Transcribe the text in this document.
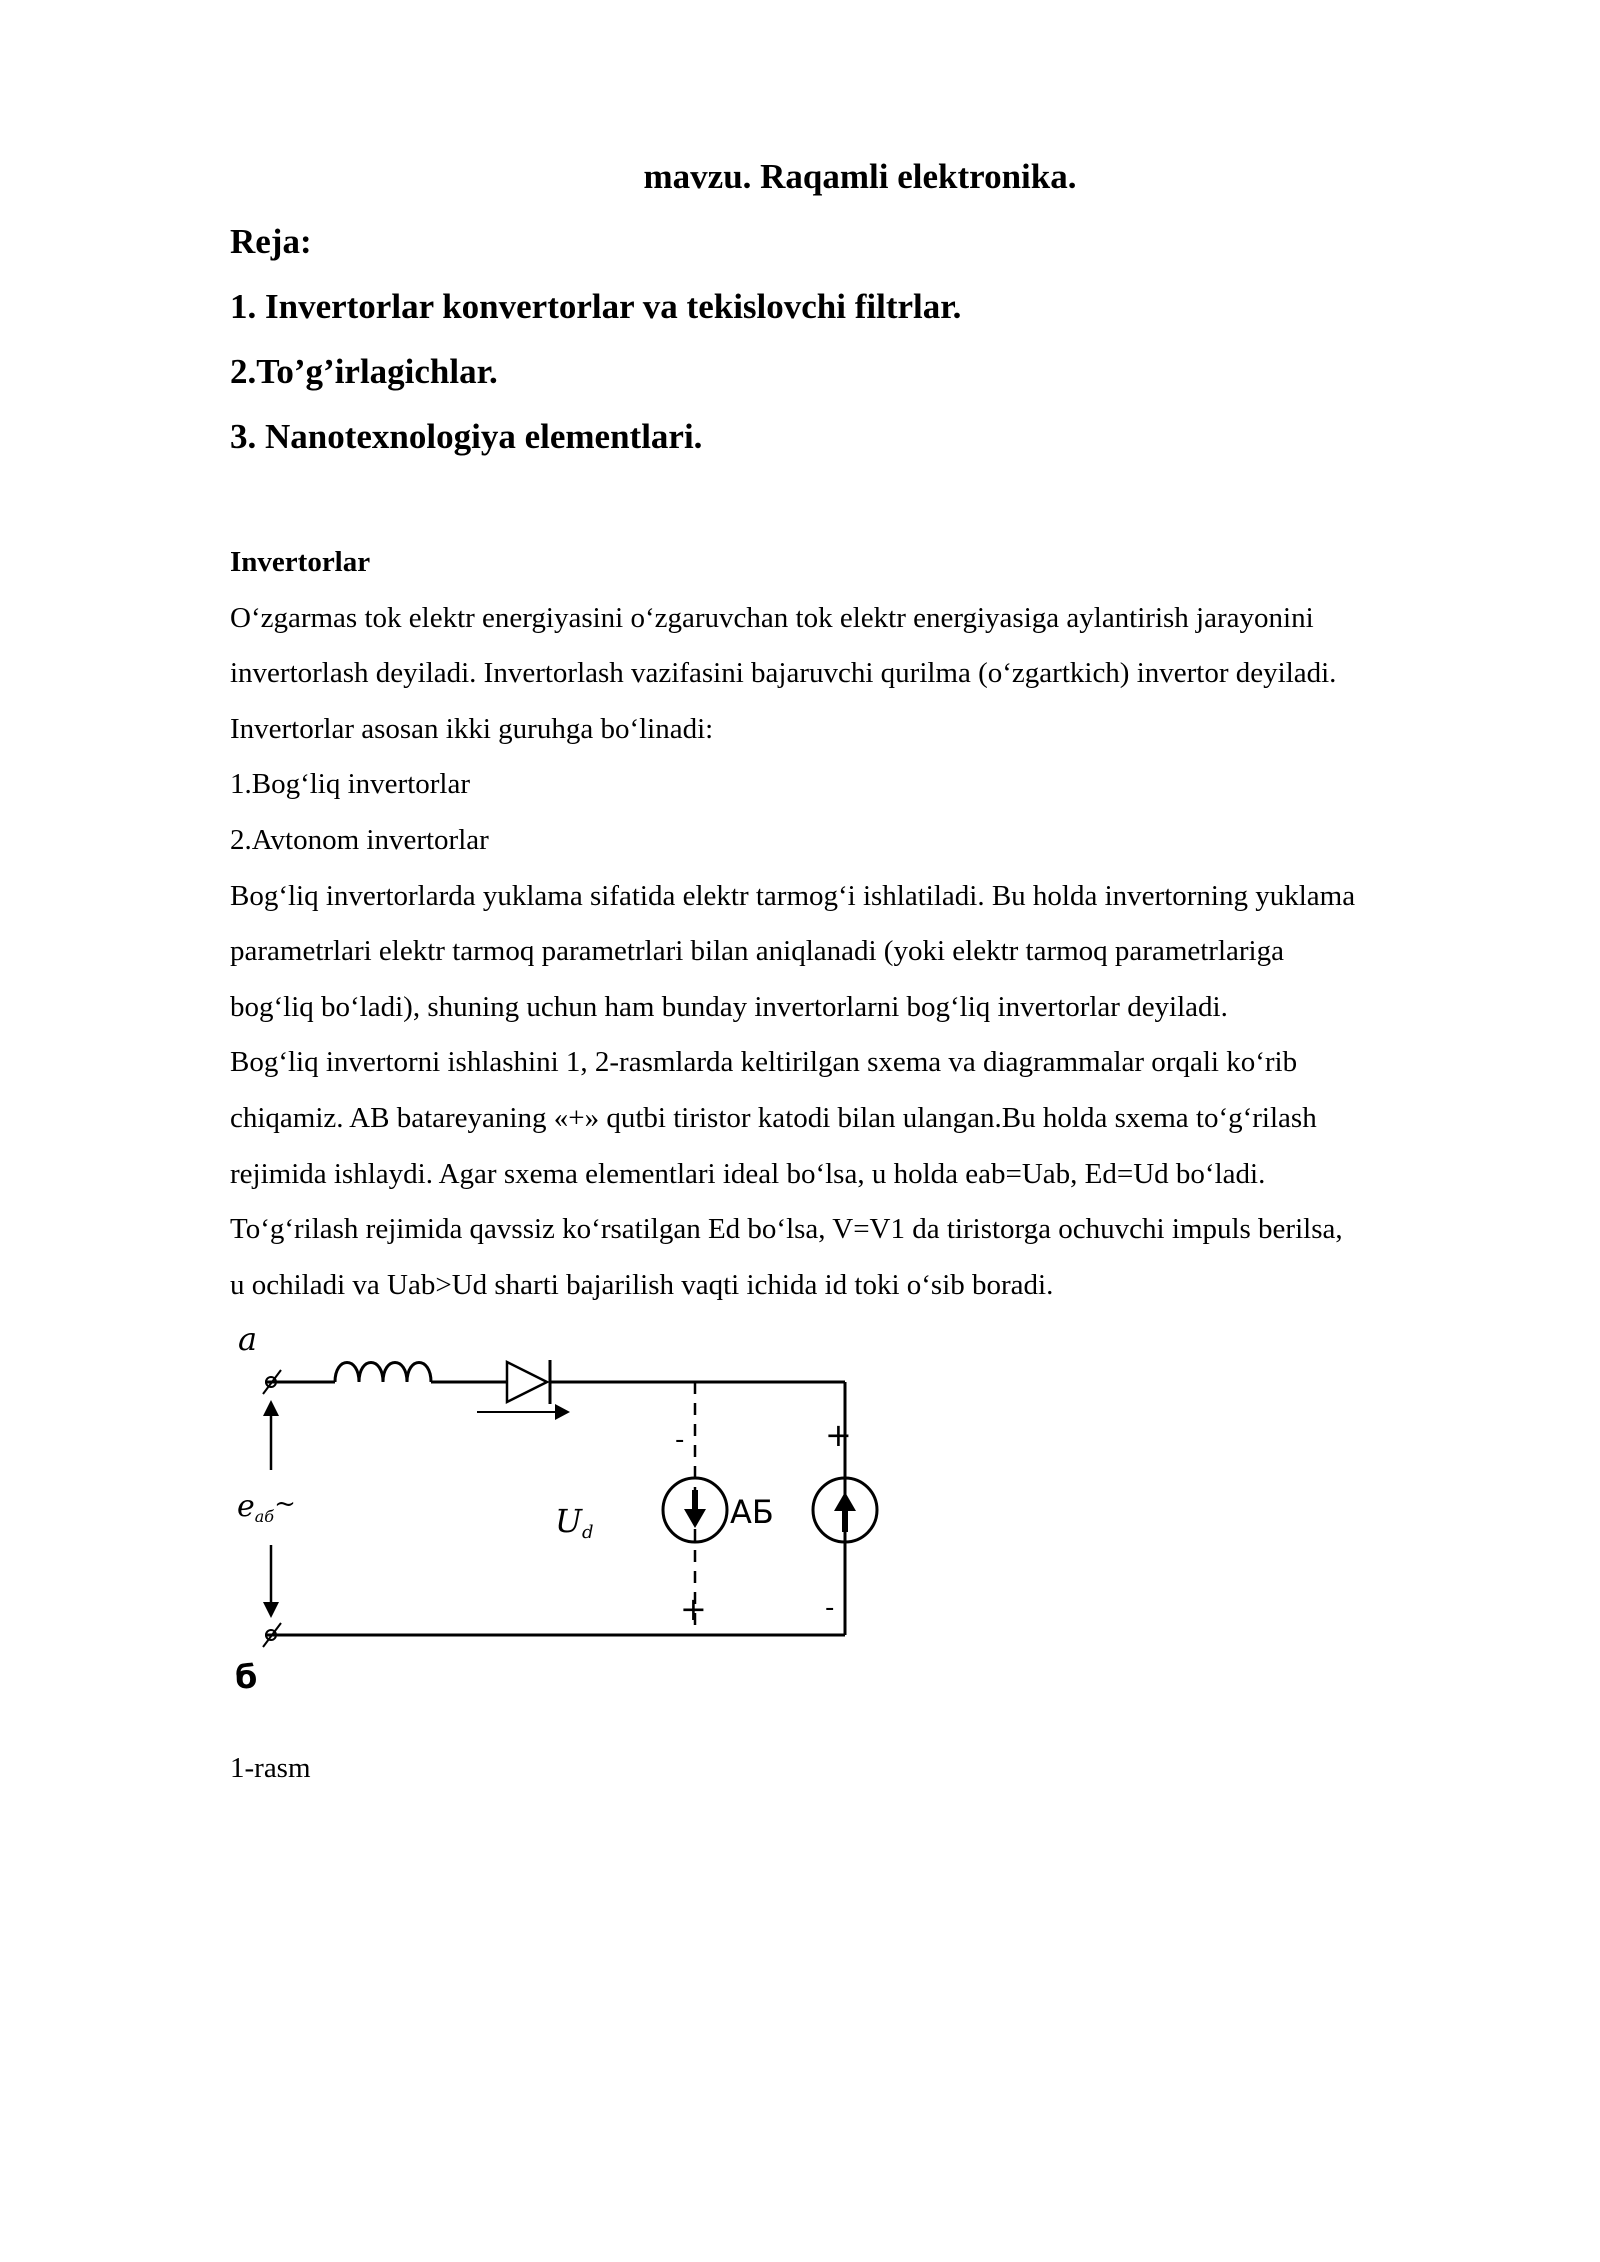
mavzu. Raqamli elektronika.
Reja:
1. Invertorlar konvertorlar va tekislovchi filtrlar.
2.To’g’irlagichlar.
3. Nanotexnologiya elementlari.
Invertorlar
O‘zgarmas tok elektr energiyasini o‘zgaruvchan tok elektr energiyasiga aylantirish jarayonini
invertorlash deyiladi. Invertorlash vazifasini bajaruvchi qurilma (o‘zgartkich) invertor deyiladi.
Invertorlar asosan ikki guruhga bo‘linadi:
1.Bog‘liq invertorlar
2.Avtonom invertorlar
Bog‘liq invertorlarda yuklama sifatida elektr tarmog‘i ishlatiladi. Bu holda invertorning yuklama
parametrlari elektr tarmoq parametrlari bilan aniqlanadi (yoki elektr tarmoq parametrlariga
bog‘liq bo‘ladi), shuning uchun ham bunday invertorlarni bog‘liq invertorlar deyiladi.
Bog‘liq invertorni ishlashini 1, 2-rasmlarda keltirilgan sxema va diagrammalar orqali ko‘rib
chiqamiz. AB batareyaning «+» qutbi tiristor katodi bilan ulangan.Bu holda sxema to‘g‘rilash
rejimida ishlaydi. Agar sxema elementlari ideal bo‘lsa, u holda eab=Uab, Ed=Ud bo‘ladi.
To‘g‘rilash rejimida qavssiz ko‘rsatilgan Ed bo‘lsa, V=V1 da tiristorga ochuvchi impuls berilsa,
u ochiladi va Uab>Ud sharti bajarilish vaqti ichida id toki o‘sib boradi.
a
б
$e_{aб}\sim$	Ud
AБ
-	+
+	-
1-rasm
